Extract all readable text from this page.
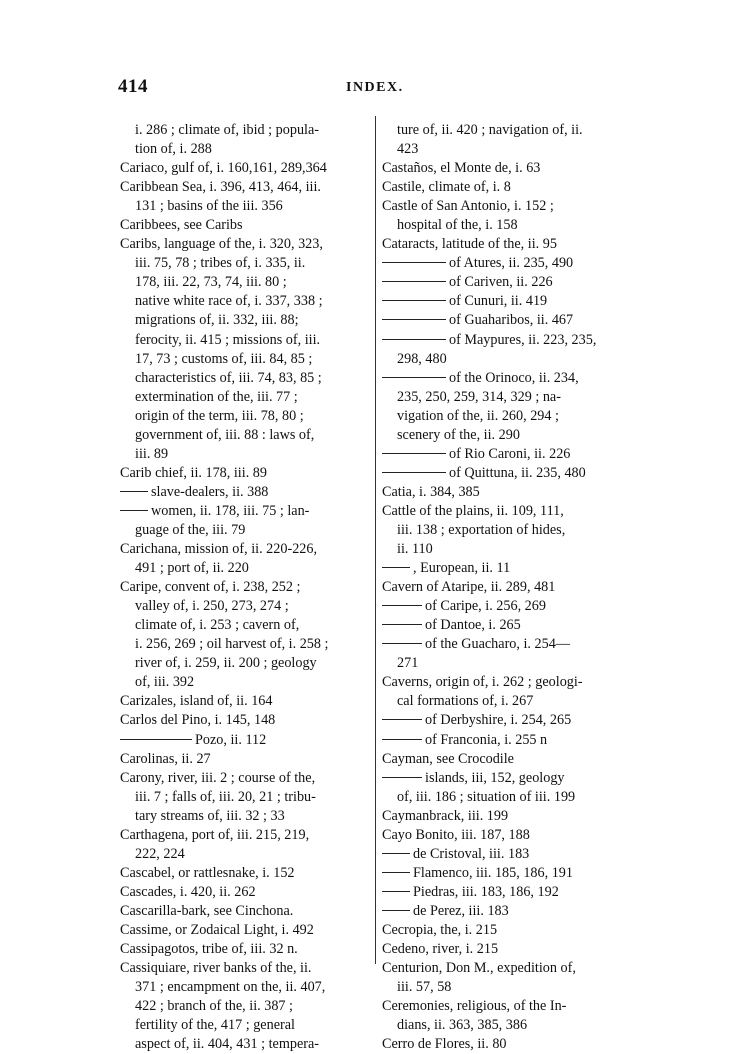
414	INDEX.
i. 286 ; climate of, ibid ; popula-
tion of, i. 288
Cariaco, gulf of, i. 160,161, 289,364
Caribbean Sea, i. 396, 413, 464, iii.
131 ; basins of the iii. 356
Caribbees, see Caribs
Caribs, language of the, i. 320, 323,
iii. 75, 78 ; tribes of, i. 335, ii.
178, iii. 22, 73, 74, iii. 80 ;
native white race of, i. 337, 338 ;
migrations of, ii. 332, iii. 88;
ferocity, ii. 415 ; missions of, iii.
17, 73 ; customs of, iii. 84, 85 ;
characteristics of, iii. 74, 83, 85 ;
extermination of the, iii. 77 ;
origin of the term, iii. 78, 80 ;
government of, iii. 88 : laws of,
iii. 89
Carib chief, ii. 178, iii. 89
slave-dealers, ii. 388
women, ii. 178, iii. 75 ; lan-
guage of the, iii. 79
Carichana, mission of, ii. 220-226,
491 ; port of, ii. 220
Caripe, convent of, i. 238, 252 ;
valley of, i. 250, 273, 274 ;
climate of, i. 253 ; cavern of,
i. 256, 269 ; oil harvest of, i. 258 ;
river of, i. 259, ii. 200 ; geology
of, iii. 392
Carizales, island of, ii. 164
Carlos del Pino, i. 145, 148
Pozo, ii. 112
Carolinas, ii. 27
Carony, river, iii. 2 ; course of the,
iii. 7 ; falls of, iii. 20, 21 ; tribu-
tary streams of, iii. 32 ; 33
Carthagena, port of, iii. 215, 219,
222, 224
Cascabel, or rattlesnake, i. 152
Cascades, i. 420, ii. 262
Cascarilla-bark, see Cinchona.
Cassime, or Zodaical Light, i. 492
Cassipagotos, tribe of, iii. 32 n.
Cassiquiare, river banks of the, ii.
371 ; encampment on the, ii. 407,
422 ; branch of the, ii. 387 ;
fertility of the, 417 ; general
aspect of, ii. 404, 431 ; tempera-
ture of, ii. 420 ; navigation of, ii.
423
Castaños, el Monte de, i. 63
Castile, climate of, i. 8
Castle of San Antonio, i. 152 ;
hospital of the, i. 158
Cataracts, latitude of the, ii. 95
of Atures, ii. 235, 490
of Cariven, ii. 226
of Cunuri, ii. 419
of Guaharibos, ii. 467
of Maypures, ii. 223, 235,
298, 480
of the Orinoco, ii. 234,
235, 250, 259, 314, 329 ; na-
vigation of the, ii. 260, 294 ;
scenery of the, ii. 290
of Rio Caroni, ii. 226
of Quittuna, ii. 235, 480
Catia, i. 384, 385
Cattle of the plains, ii. 109, 111,
iii. 138 ; exportation of hides,
ii. 110
, European, ii. 11
Cavern of Ataripe, ii. 289, 481
of Caripe, i. 256, 269
of Dantoe, i. 265
of the Guacharo, i. 254—
271
Caverns, origin of, i. 262 ; geologi-
cal formations of, i. 267
of Derbyshire, i. 254, 265
of Franconia, i. 255 n
Cayman, see Crocodile
islands, iii, 152, geology
of, iii. 186 ; situation of iii. 199
Caymanbrack, iii. 199
Cayo Bonito, iii. 187, 188
de Cristoval, iii. 183
Flamenco, iii. 185, 186, 191
Piedras, iii. 183, 186, 192
de Perez, iii. 183
Cecropia, the, i. 215
Cedeno, river, i. 215
Centurion, Don M., expedition of,
iii. 57, 58
Ceremonies, religious, of the In-
dians, ii. 363, 385, 386
Cerro de Flores, ii. 80
